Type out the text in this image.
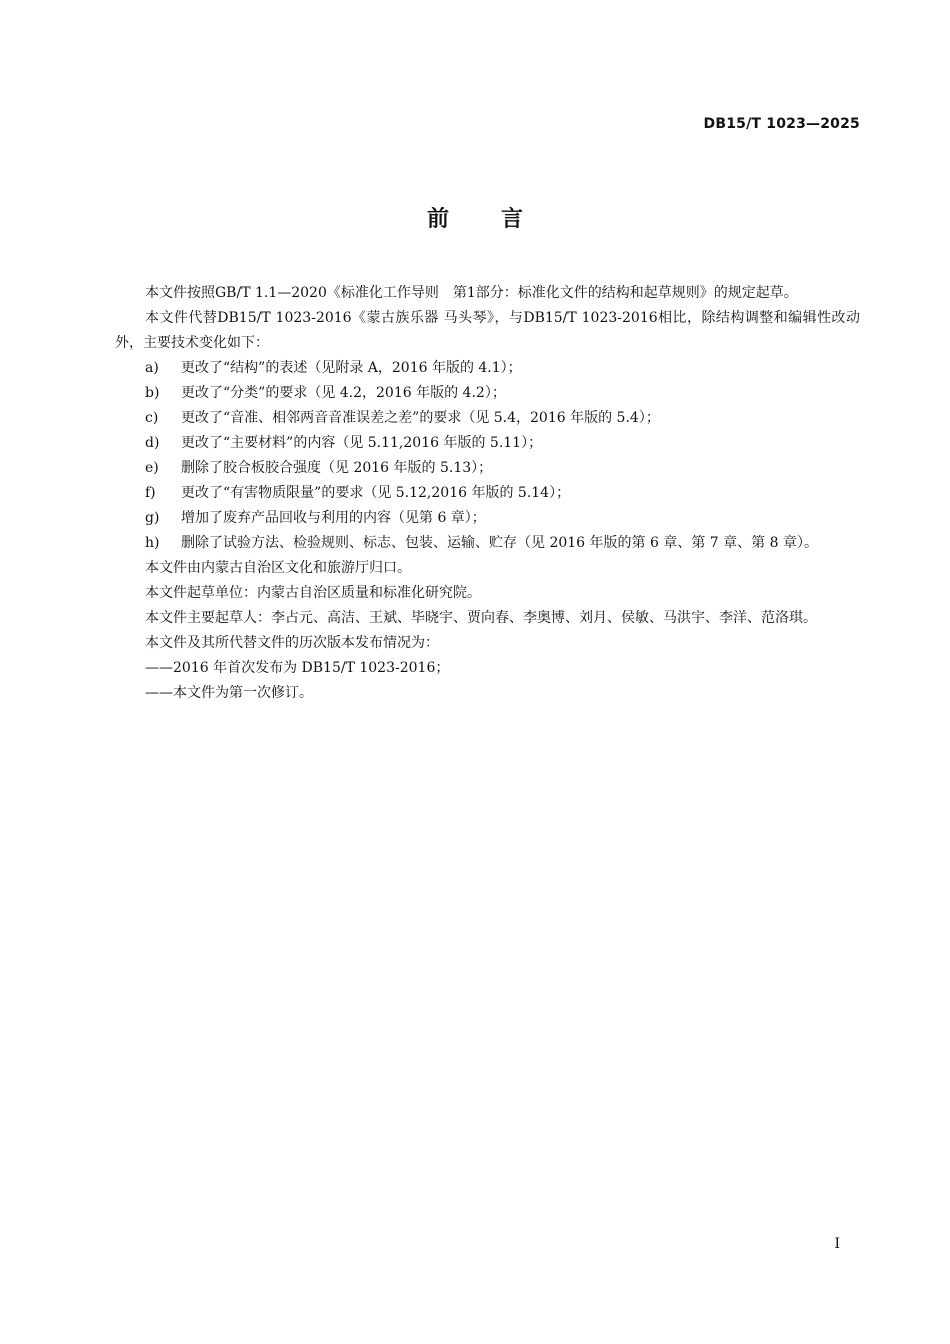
DB15/T 1023—2025
前 言
本文件按照GB/T 1.1—2020《标准化工作导则　第1部分：标准化文件的结构和起草规则》的规定起草。
本文件代替DB15/T 1023-2016《蒙古族乐器 马头琴》，与DB15/T 1023-2016相比，除结构调整和编辑性改动外，主要技术变化如下：
a)	更改了“结构”的表述（见附录 A，2016 年版的 4.1）；
b)	更改了“分类”的要求（见 4.2，2016 年版的 4.2）；
c)	更改了“音准、相邻两音音准误差之差”的要求（见 5.4，2016 年版的 5.4）；
d)	更改了“主要材料”的内容（见 5.11,2016 年版的 5.11）；
e)	删除了胶合板胶合强度（见 2016 年版的 5.13）；
f)	更改了“有害物质限量”的要求（见 5.12,2016 年版的 5.14）；
g)	增加了废弃产品回收与利用的内容（见第 6 章）；
h)	删除了试验方法、检验规则、标志、包装、运输、贮存（见 2016 年版的第 6 章、第 7 章、第 8 章）。
本文件由内蒙古自治区文化和旅游厅归口。
本文件起草单位：内蒙古自治区质量和标准化研究院。
本文件主要起草人：李占元、高洁、王斌、毕晓宇、贾向春、李奥博、刘月、侯敏、马洪宇、李洋、范洛琪。
本文件及其所代替文件的历次版本发布情况为：
——2016 年首次发布为 DB15/T 1023-2016；
——本文件为第一次修订。
I
